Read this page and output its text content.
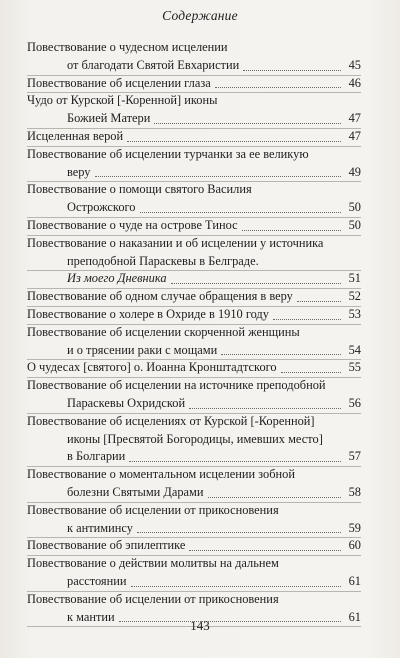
Содержание
Повествование о чудесном исцелении
от благодати Святой Евхаристии	45
Повествование об исцелении глаза	46
Чудо от Курской [-Коренной] иконы
Божией Матери	47
Исцеленная верой	47
Повествование об исцелении турчанки за ее великую
веру	49
Повествование о помощи святого Василия
Острожского	50
Повествование о чуде на острове Тинос	50
Повествование о наказании и об исцелении у источника
преподобной Параскевы в Белграде.
Из моего Дневника	51
Повествование об одном случае обращения в веру	52
Повествование о холере в Охриде в 1910 году	53
Повествование об исцелении скорченной женщины
и о трясении раки с мощами	54
О чудесах [святого] о. Иоанна Кронштадтского	55
Повествование об исцелении на источнике преподобной
Параскевы Охридской	56
Повествование об исцелениях от Курской [-Коренной]
иконы [Пресвятой Богородицы, имевших место]
в Болгарии	57
Повествование о моментальном исцелении зобной
болезни Святыми Дарами	58
Повествование об исцелении от прикосновения
к антиминсу	59
Повествование об эпилептике	60
Повествование о действии молитвы на дальнем
расстоянии	61
Повествование об исцелении от прикосновения
к мантии	61
143
